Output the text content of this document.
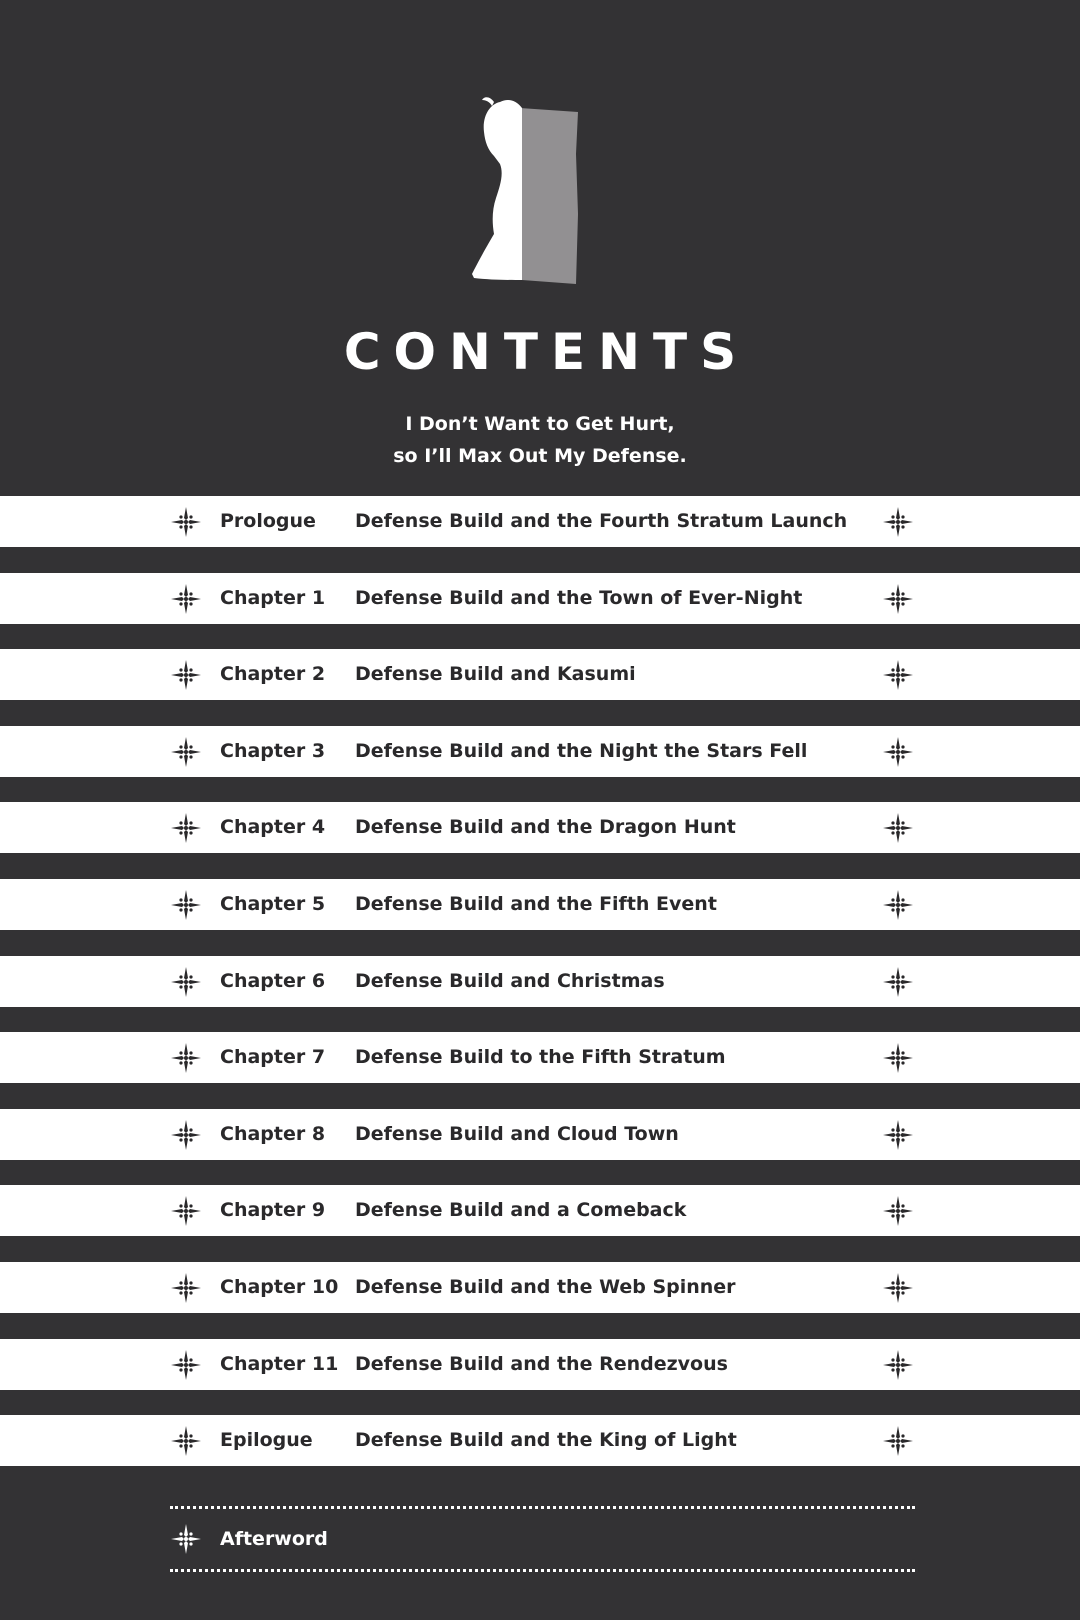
CONTENTS
I Don’t Want to Get Hurt,
so I’ll Max Out My Defense.
Prologue Defense Build and the Fourth Stratum Launch
Chapter 1 Defense Build and the Town of Ever-Night
Chapter 2 Defense Build and Kasumi
Chapter 3 Defense Build and the Night the Stars Fell
Chapter 4 Defense Build and the Dragon Hunt
Chapter 5 Defense Build and the Fifth Event
Chapter 6 Defense Build and Christmas
Chapter 7 Defense Build to the Fifth Stratum
Chapter 8 Defense Build and Cloud Town
Chapter 9 Defense Build and a Comeback
Chapter 10 Defense Build and the Web Spinner
Chapter 11 Defense Build and the Rendezvous
Epilogue Defense Build and the King of Light
Afterword
